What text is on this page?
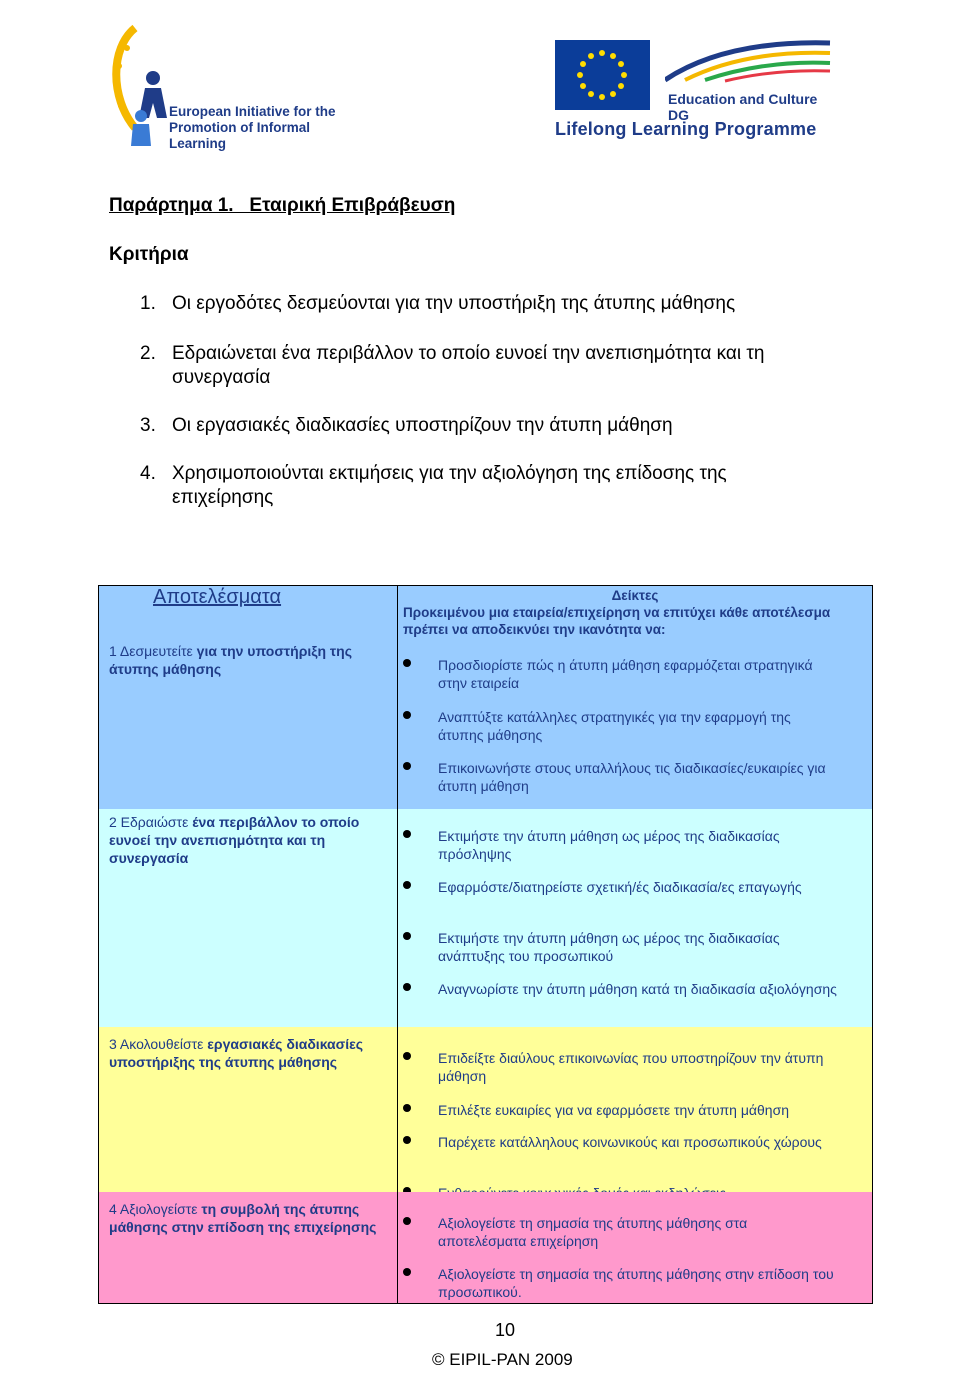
European Initiative for the Promotion of Informal Learning
Education and Culture DG
Lifelong Learning Programme
Παράρτημα 1.   Εταιρική Επιβράβευση
Κριτήρια
1. Οι εργοδότες δεσμεύονται για την υποστήριξη της άτυπης μάθησης
2. Εδραιώνεται ένα περιβάλλον το οποίο ευνοεί την ανεπισημότητα και τη συνεργασία
3. Οι εργασιακές διαδικασίες υποστηρίζουν την άτυπη μάθηση
4. Χρησιμοποιούνται εκτιμήσεις για την αξιολόγηση της επίδοσης της επιχείρησης
Αποτελέσματα
1 Δεσμευτείτε για την υποστήριξη της άτυπης μάθησης
Δείκτες
Προκειμένου μια εταιρεία/επιχείρηση να επιτύχει κάθε αποτέλεσμα πρέπει να αποδεικνύει την ικανότητα να:
Προσδιορίστε πώς η άτυπη μάθηση εφαρμόζεται στρατηγικά στην εταιρεία
Αναπτύξτε κατάλληλες στρατηγικές για την εφαρμογή της άτυπης μάθησης
Επικοινωνήστε στους υπαλλήλους τις διαδικασίες/ευκαιρίες για άτυπη μάθηση
2 Εδραιώστε ένα περιβάλλον το οποίο ευνοεί την ανεπισημότητα και τη συνεργασία
Εκτιμήστε την άτυπη μάθηση ως μέρος της διαδικασίας πρόσληψης
Εφαρμόστε/διατηρείστε σχετική/ές διαδικασία/ες επαγωγής
Εκτιμήστε την άτυπη μάθηση ως μέρος της διαδικασίας ανάπτυξης του προσωπικού
Αναγνωρίστε την άτυπη μάθηση κατά τη διαδικασία αξιολόγησης
3 Ακολουθείστε εργασιακές διαδικασίες υποστήριξης της άτυπης μάθησης	Επιδείξτε διαύλους επικοινωνίας που υποστηρίζουν την άτυπη μάθηση
Επιλέξτε ευκαιρίες για να εφαρμόσετε την άτυπη μάθηση
Παρέχετε κατάλληλους κοινωνικούς και προσωπικούς χώρους
4 Αξιολογείστε τη συμβολή της άτυπης μάθησης στην επίδοση της επιχείρησης	Αξιολογείστε τη σημασία της άτυπης μάθησης στα αποτελέσματα επιχείρηση
Αξιολογείστε τη σημασία της άτυπης μάθησης στην επίδοση του προσωπικού.
10
© EIPIL-PAN 2009
